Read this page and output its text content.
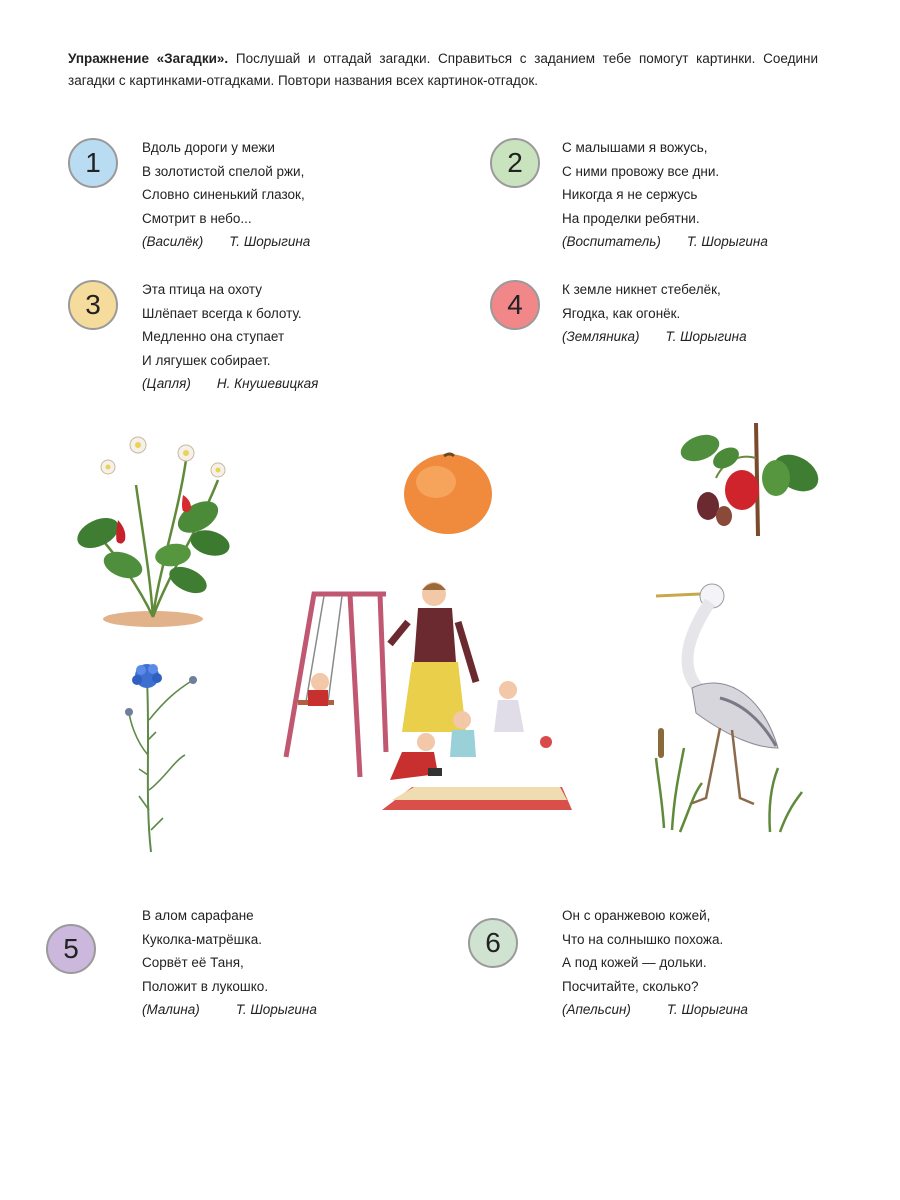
Упражнение «Загадки». Послушай и отгадай загадки. Справиться с заданием тебе помогут картинки. Соедини загадки с картинками-отгадками. Повтори названия всех картинок-отгадок.
1	Вдоль дороги у межи
В золотистой спелой ржи,
Словно синенький глазок,
Смотрит в небо...
(Василёк) Т. Шорыгина
2	С малышами я вожусь,
С ними провожу все дни.
Никогда я не сержусь
На проделки ребятни.
(Воспитатель) Т. Шорыгина
3	Эта птица на охоту
Шлёпает всегда к болоту.
Медленно она ступает
И лягушек собирает.
(Цапля) Н. Кнушевицкая
4	К земле никнет стебелёк,
Ягодка, как огонёк.
(Земляника) Т. Шорыгина
5
В алом сарафане
Куколка-матрёшка.
Сорвёт её Таня,
Положит в лукошко.
(Малина)	Т. Шорыгина
6
Он с оранжевою кожей,
Что на солнышко похожа.
А под кожей — дольки.
Посчитайте, сколько?
(Апельсин)	Т. Шорыгина
